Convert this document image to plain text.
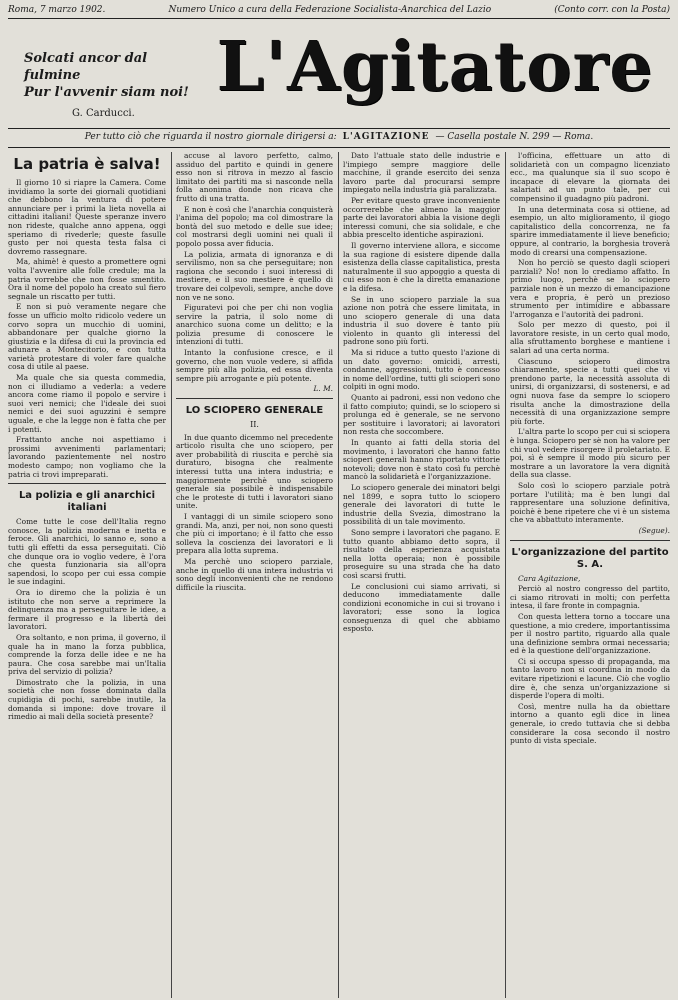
Roma, 7 marzo 1902.	Numero Unico a cura della Federazione Socialista-Anarchica del Lazio	(Conto corr. con la Posta)
Solcati ancor dal fulmine
Pur l'avvenir siam noi!
G. Carducci.
L'Agitatore
Per tutto ciò che riguarda il nostro giornale dirigersi a: L'AGITAZIONE — Casella postale N. 299 — Roma.
La patria è salva!

Il giorno 10 si riapre la Camera. Come invidiamo la sorte dei giornali quotidiani che debbono la ventura di potere annunciare per i primi la lieta novella ai cittadini italiani! Queste speranze invero non rideste, qualche anno appena, oggi speriamo di rivederle; queste fasulle gusto per noi questa testa falsa ci dovremo rassegnare.

Ma, ahimè! è questo a promettere ogni volta l'avvenire alle folle credule; ma la patria vorrebbe che non fosse smentito. Ora il nome del popolo ha creato sul fiero segnale un riscatto per tutti.

E non si può veramente negare che fosse un ufficio molto ridicolo vedere un corvo sopra un mucchio di uomini, abbandonare per qualche giorno la giustizia e la difesa di cui la provincia ed adunare a Montecitorio, e con tutta varietà protestare di voler fare qualche cosa di utile al paese.

Ma quale che sia questa commedia, non ci illudiamo a vederla: a vedere ancora come riamo il popolo e servire i suoi veri nemici; che l'ideale dei suoi nemici e dei suoi aguzzini è sempre uguale, e che la legge non è fatta che per i potenti.

Frattanto anche noi aspettiamo i prossimi avvenimenti parlamentari; lavorando pazientemente nel nostro modesto campo; non vogliamo che la patria ci trovi impreparati.

La polizia e gli anarchici italiani

Come tutte le cose dell'Italia regno conosce, la polizia moderna e inetta e feroce. Gli anarchici, lo sanno e, sono a tutti gli effetti da essa perseguitati. Ciò che dunque ora io voglio vedere, è l'ora che questa funzionaria sia all'opra sapendosi, lo scopo per cui essa compie le sue indagini.

Ora io diremo che la polizia è un istituto che non serve a reprimere la delinquenza ma a perseguitare le idee, a fermare il progresso e la libertà dei lavoratori.

Ora soltanto, e non prima, il governo, il quale ha in mano la forza pubblica, comprende la forza delle idee e ne ha paura. Che cosa sarebbe mai un'Italia priva del servizio di polizia?

Dimostrato che la polizia, in una società che non fosse dominata dalla cupidigia di pochi, sarebbe inutile, la domanda si impone: dove trovare il rimedio ai mali della società presente?

accuse al lavoro perfetto, calmo, assiduo del partito e quindi in genere esso non si ritrova in mezzo al fascio limitato dei partiti ma si nasconde nella folla anonima donde non ricava che frutto di una tratta.

E non è così che l'anarchia conquisterà l'anima del popolo; ma col dimostrare la bontà del suo metodo e delle sue idee; col mostrarsi degli uomini nei quali il popolo possa aver fiducia.

La polizia, armata di ignoranza e di servilismo, non sa che perseguitare; non ragiona che secondo i suoi interessi di mestiere, e il suo mestiere è quello di trovare dei colpevoli, sempre, anche dove non ve ne sono.

Figuratevi poi che per chi non voglia servire la patria, il solo nome di anarchico suona come un delitto; e la polizia presume di conoscere le intenzioni di tutti.

Intanto la confusione cresce, e il governo, che non vuole vedere, si affida sempre più alla polizia, ed essa diventa sempre più arrogante e più potente.

L. M.

LO SCIOPERO GENERALE
II.

In due quanto dicemmo nel precedente articolo risulta che uno sciopero, per aver probabilità di riuscita e perchè sia duraturo, bisogna che realmente interessi tutta una intera industria; e maggiormente perchè uno sciopero generale sia possibile è indispensabile che le proteste di tutti i lavoratori siano unite.

I vantaggi di un simile sciopero sono grandi. Ma, anzi, per noi, non sono questi che più ci importano; è il fatto che esso solleva la coscienza dei lavoratori e li prepara alla lotta suprema.

Ma perchè uno sciopero parziale, anche in quello di una intera industria vi sono degli inconvenienti che ne rendono difficile la riuscita.

Dato l'attuale stato delle industrie e l'impiego sempre maggiore delle macchine, il grande esercito dei senza lavoro parte dal procurarsi sempre impiegato nella industria già paralizzata.

Per evitare questo grave inconveniente occorrerebbe che almeno la maggior parte dei lavoratori abbia la visione degli interessi comuni, che sia solidale, e che abbia prescelto identiche aspirazioni.

Il governo interviene allora, e siccome la sua ragione di esistere dipende dalla esistenza della classe capitalistica, presta naturalmente il suo appoggio a questa di cui esso non è che la diretta emanazione e la difesa.

Se in uno sciopero parziale la sua azione non potrà che essere limitata, in uno sciopero generale di una data industria il suo dovere è tanto più violento in quanto gli interessi del padrone sono più forti.

Ma si riduce a tutto questo l'azione di un dato governo: omicidi, arresti, condanne, aggressioni, tutto è concesso in nome dell'ordine, tutti gli scioperi sono colpiti in ogni modo.

Quanto ai padroni, essi non vedono che il fatto compiuto; quindi, se lo sciopero si prolunga ed è generale, se ne servono per sostituire i lavoratori; ai lavoratori non resta che soccombere.

In quanto ai fatti della storia del movimento, i lavoratori che hanno fatto scioperi generali hanno riportato vittorie notevoli; dove non è stato così fu perchè mancò la solidarietà e l'organizzazione.

Lo sciopero generale dei minatori belgi nel 1899, e sopra tutto lo sciopero generale dei lavoratori di tutte le industrie della Svezia, dimostrano la possibilità di un tale movimento.

Sono sempre i lavoratori che pagano. E tutto quanto abbiamo detto sopra, il risultato della esperienza acquistata nella lotta operaia; non è possibile proseguire su una strada che ha dato così scarsi frutti.

Le conclusioni cui siamo arrivati, si deducono immediatamente dalle condizioni economiche in cui si trovano i lavoratori; esse sono la logica conseguenza di quel che abbiamo esposto.

l'officina, effettuare un atto di solidarietà con un compagno licenziato ecc., ma qualunque sia il suo scopo è incapace di elevare la giornata dei salariati ad un punto tale, per cui compensino il guadagno più padroni.

In una determinata cosa si ottiene, ad esempio, un alto miglioramento, il giogo capitalistico della concorrenza, ne fa sparire immediatamente il lieve beneficio; oppure, al contrario, la borghesia troverà modo di crearsi una compensazione.

Non ho perciò se questo dagli scioperi parziali? No! non lo crediamo affatto. In primo luogo, perchè se lo sciopero parziale non è un mezzo di emancipazione vera e propria, è però un prezioso strumento per intimidire e abbassare l'arroganza e l'autorità dei padroni.

Solo per mezzo di questo, poi il lavoratore resiste, in un certo qual modo, alla sfruttamento borghese e mantiene i salari ad una certa norma.

Ciascuno sciopero dimostra chiaramente, specie a tutti quei che vi prendono parte, la necessità assoluta di unirsi, di organizzarsi, di sostenersi, e ad ogni nuova fase da sempre lo sciopero risulta anche la dimostrazione della necessità di una organizzazione sempre più forte.

L'altra parte lo scopo per cui si sciopera è lunga. Sciopero per sè non ha valore per chi vuol vedere risorgere il proletariato. E poi, sì è sempre il modo più sicuro per mostrare a un lavoratore la vera dignità della sua classe.

Solo così lo sciopero parziale potrà portare l'utilità; ma è ben lungi dal rappresentare una soluzione definitiva, poichè è bene ripetere che vi è un sistema che va abbattuto interamente.

(Segue).

L'organizzazione del partito S. A.

Cara Agitazione,

Perciò al nostro congresso del partito, ci siamo ritrovati in molti; con perfetta intesa, il fare fronte in compagnia.

Con questa lettera torno a toccare una questione, a mio credere, importantissima per il nostro partito, riguardo alla quale una definizione sembra ormai necessaria; ed è la questione dell'organizzazione.

Ci si occupa spesso di propaganda, ma tanto lavoro non si coordina in modo da evitare ripetizioni e lacune. Ciò che voglio dire è, che senza un'organizzazione si disperde l'opera di molti.

Così, mentre nulla ha da obiettare intorno a quanto egli dice in linea generale, io credo tuttavia che si debba considerare la cosa secondo il nostro punto di vista speciale.
